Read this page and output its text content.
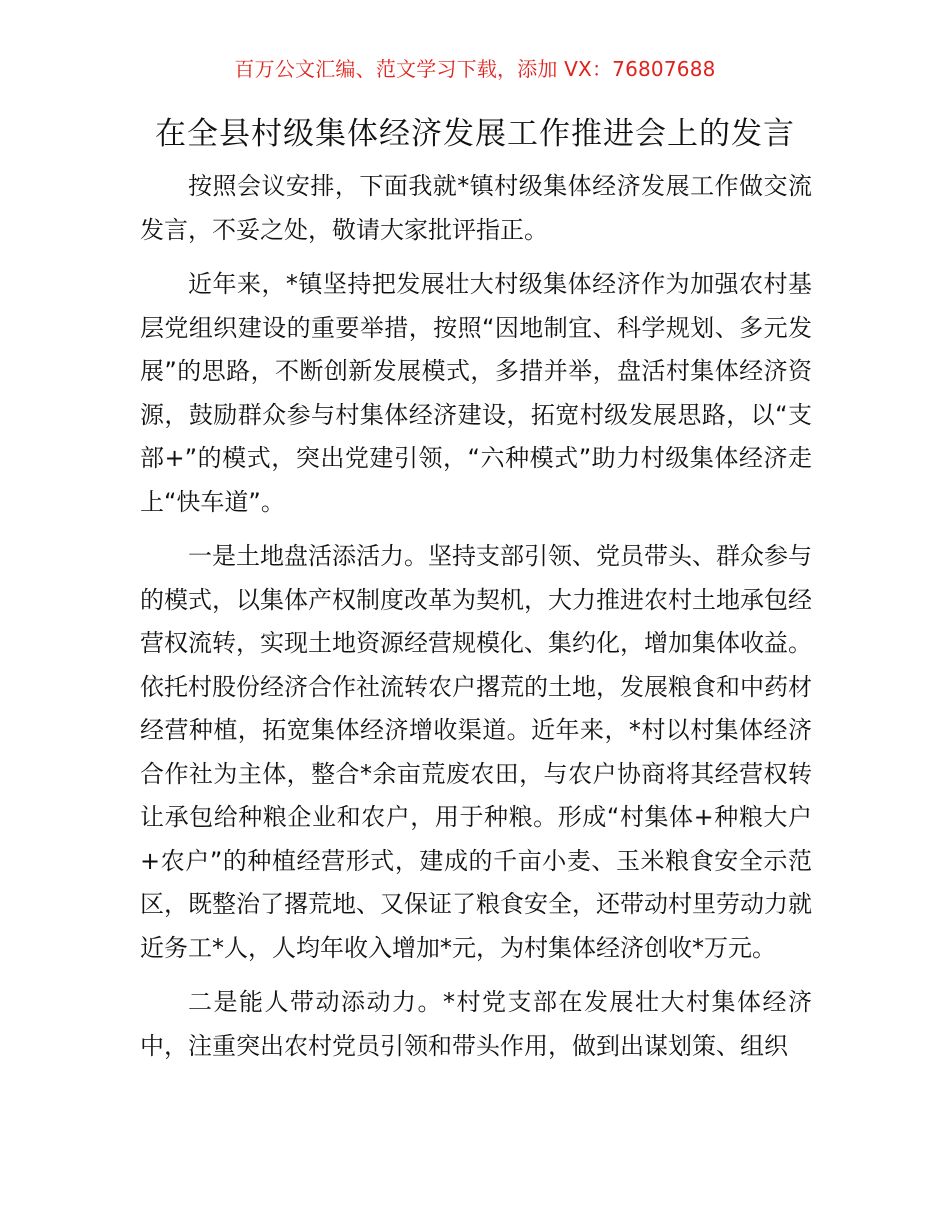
百万公文汇编、范文学习下载，添加 VX：76807688
在全县村级集体经济发展工作推进会上的发言

按照会议安排，下面我就*镇村级集体经济发展工作做交流发言，不妥之处，敬请大家批评指正。

近年来，*镇坚持把发展壮大村级集体经济作为加强农村基层党组织建设的重要举措，按照“因地制宜、科学规划、多元发展”的思路，不断创新发展模式，多措并举，盘活村集体经济资源，鼓励群众参与村集体经济建设，拓宽村级发展思路，以“支部+”的模式，突出党建引领，“六种模式”助力村级集体经济走上“快车道”。

一是土地盘活添活力。坚持支部引领、党员带头、群众参与的模式，以集体产权制度改革为契机，大力推进农村土地承包经营权流转，实现土地资源经营规模化、集约化，增加集体收益。依托村股份经济合作社流转农户撂荒的土地，发展粮食和中药材经营种植，拓宽集体经济增收渠道。近年来，*村以村集体经济合作社为主体，整合*余亩荒废农田，与农户协商将其经营权转让承包给种粮企业和农户，用于种粮。形成“村集体+种粮大户+农户”的种植经营形式，建成的千亩小麦、玉米粮食安全示范区，既整治了撂荒地、又保证了粮食安全，还带动村里劳动力就近务工*人，人均年收入增加*元，为村集体经济创收*万元。

二是能人带动添动力。*村党支部在发展壮大村集体经济中，注重突出农村党员引领和带头作用，做到出谋划策、组织
